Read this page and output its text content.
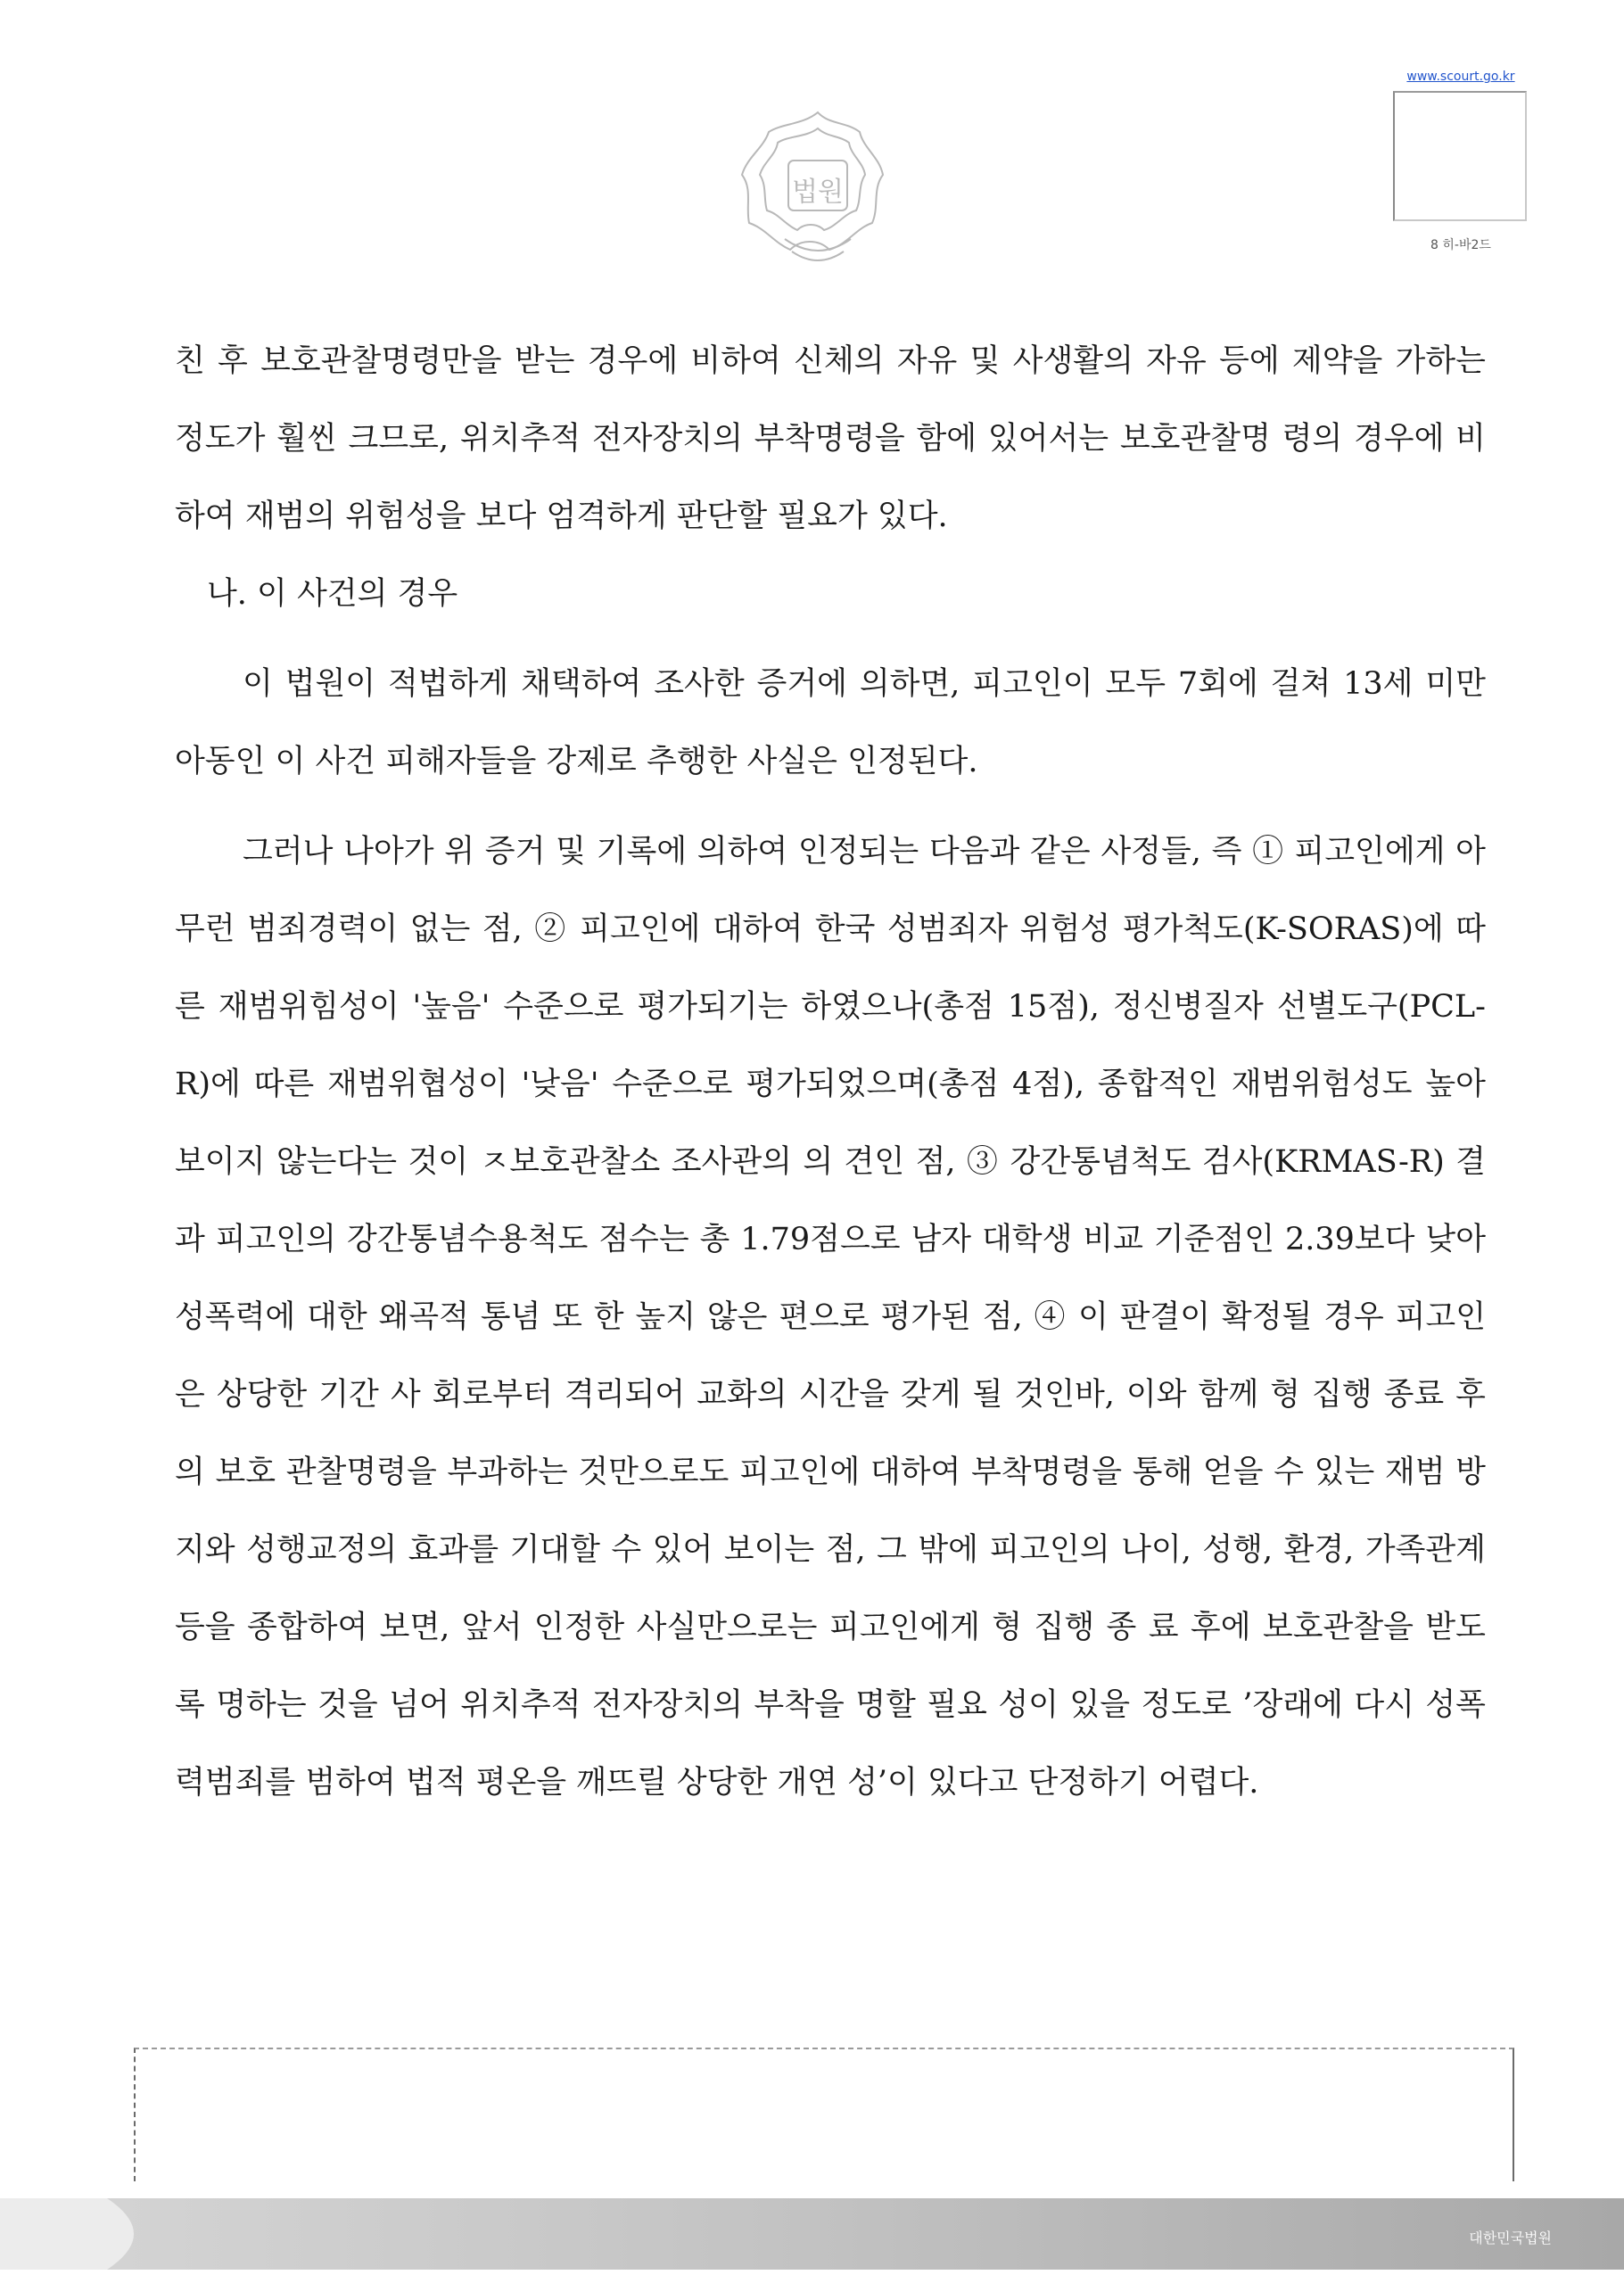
법원
www.scourt.go.kr
8 히-바2드

친 후 보호관찰명령만을 받는 경우에 비하여 신체의 자유 및 사생활의 자유 등에 제약을 가하는 정도가 훨씬 크므로, 위치추적 전자장치의 부착명령을 함에 있어서는 보호관찰명 령의 경우에 비하여 재범의 위험성을 보다 엄격하게 판단할 필요가 있다.

나. 이 사건의 경우

이 법원이 적법하게 채택하여 조사한 증거에 의하면, 피고인이 모두 7회에 걸쳐 13세 미만 아동인 이 사건 피해자들을 강제로 추행한 사실은 인정된다.

그러나 나아가 위 증거 및 기록에 의하여 인정되는 다음과 같은 사정들, 즉 ① 피고인에게 아무런 범죄경력이 없는 점, ② 피고인에 대하여 한국 성범죄자 위험성 평가척도(K-SORAS)에 따른 재범위힘성이 '높음' 수준으로 평가되기는 하였으나(총점 15점), 정신병질자 선별도구(PCL-R)에 따른 재범위협성이 '낮음' 수준으로 평가되었으며(총점 4점), 종합적인 재범위험성도 높아 보이지 않는다는 것이 ㅈ보호관찰소 조사관의 의 견인 점, ③ 강간통념척도 검사(KRMAS-R) 결과 피고인의 강간통념수용척도 점수는 총 1.79점으로 남자 대학생 비교 기준점인 2.39보다 낮아 성폭력에 대한 왜곡적 통념 또 한 높지 않은 편으로 평가된 점, ④ 이 판결이 확정될 경우 피고인은 상당한 기간 사 회로부터 격리되어 교화의 시간을 갖게 될 것인바, 이와 함께 형 집행 종료 후의 보호 관찰명령을 부과하는 것만으로도 피고인에 대하여 부착명령을 통해 얻을 수 있는 재범 방지와 성행교정의 효과를 기대할 수 있어 보이는 점, 그 밖에 피고인의 나이, 성행, 환경, 가족관계 등을 종합하여 보면, 앞서 인정한 사실만으로는 피고인에게 형 집행 종 료 후에 보호관찰을 받도록 명하는 것을 넘어 위치추적 전자장치의 부착을 명할 필요 성이 있을 정도로 ’장래에 다시 성폭력범죄를 범하여 법적 평온을 깨뜨릴 상당한 개연 성’이 있다고 단정하기 어렵다.

대한민국법원
